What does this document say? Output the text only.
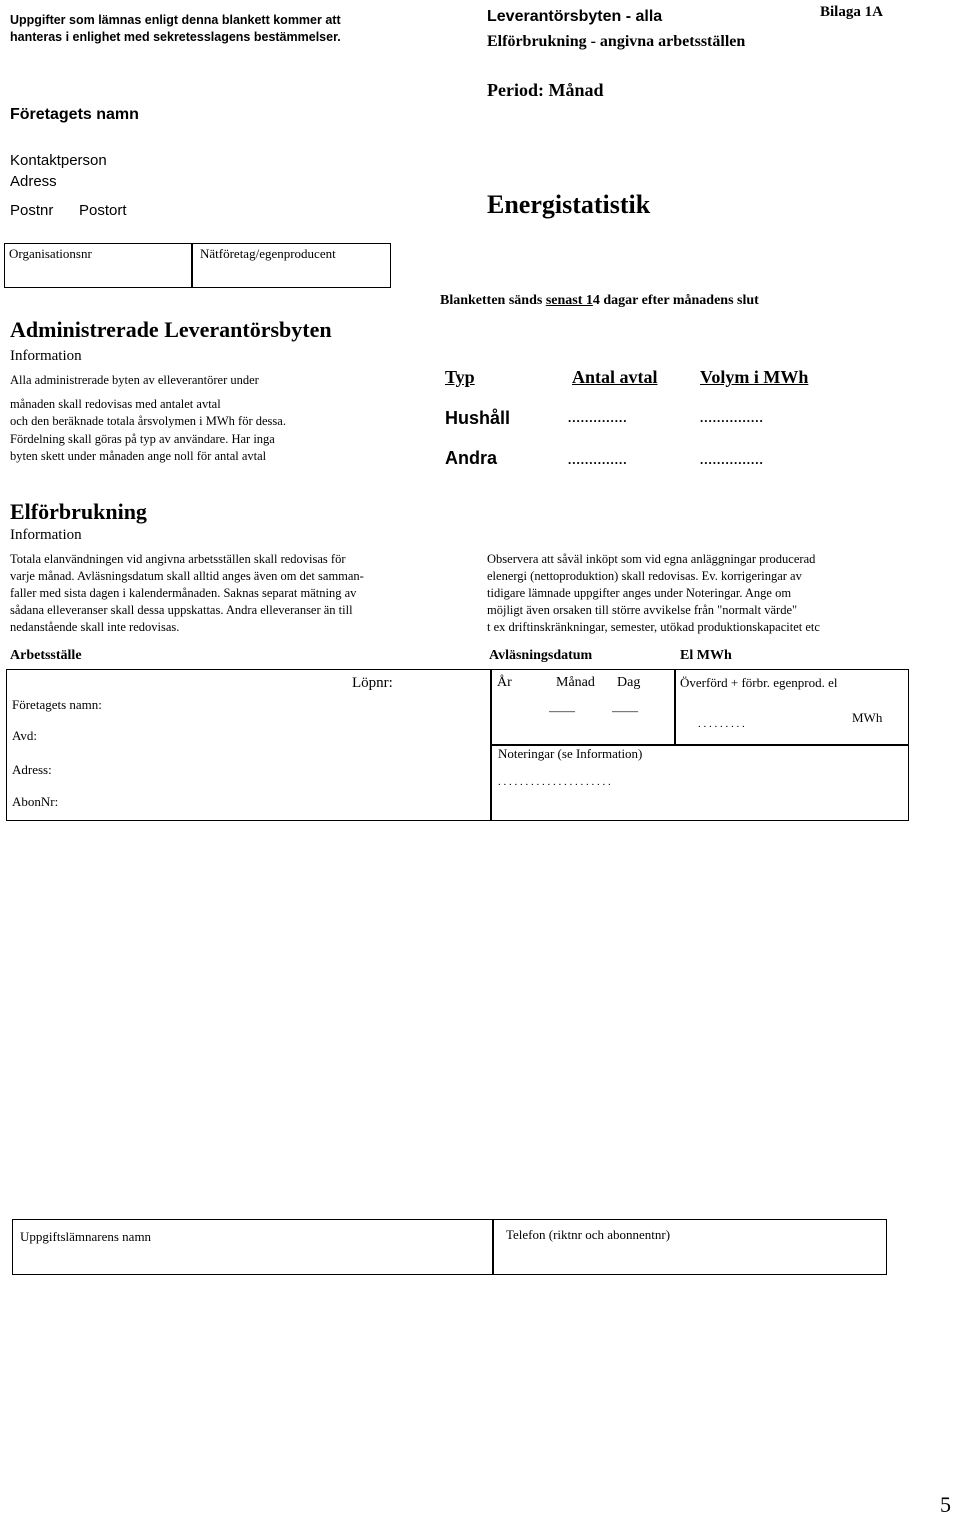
Uppgifter som lämnas enligt denna blankett kommer att
hanteras i enlighet med sekretesslagens bestämmelser.
Leverantörsbyten - alla
Elförbrukning - angivna arbetsställen
Bilaga 1A
Period: Månad
Energistatistik
Företagets namn
Kontaktperson
Adress
Postnr Postort
Organisationsnr	Nätföretag/egenproducent
Blanketten sänds senast 14 dagar efter månadens slut
Administrerade Leverantörsbyten
Information
Alla administrerade byten av elleverantörer under
månaden skall redovisas med antalet avtal
och den beräknade totala årsvolymen i MWh för dessa.
Fördelning skall göras på typ av användare. Har inga
byten skett under månaden ange noll för antal avtal
Typ	Antal avtal Volym i MWh
Hushåll	..............	...............
Andra	..............	...............
Elförbrukning
Information
Totala elanvändningen vid angivna arbetsställen skall redovisas för
varje månad. Avläsningsdatum skall alltid anges även om det samman-
faller med sista dagen i kalendermånaden. Saknas separat mätning av
sådana elleveranser skall dessa uppskattas. Andra elleveranser än till
nedanstående skall inte redovisas.
Observera att såväl inköpt som vid egna anläggningar producerad
elenergi (nettoproduktion) skall redovisas. Ev. korrigeringar av
tidigare lämnade uppgifter anges under Noteringar. Ange om
möjligt även orsaken till större avvikelse från "normalt värde"
t ex driftinskränkningar, semester, utökad produktionskapacitet etc
Arbetsställe	Avläsningsdatum	El MWh
Löpnr:
Företagets namn:
Avd:
Adress:
AbonNr:
År	Månad Dag
——	——
Överförd + förbr. egenprod. el
. . . . . . . . .	MWh
Noteringar (se Information)
. . . . . . . . . . . . . . . . . . . . .
Uppgiftslämnarens namn	Telefon (riktnr och abonnentnr)
5
